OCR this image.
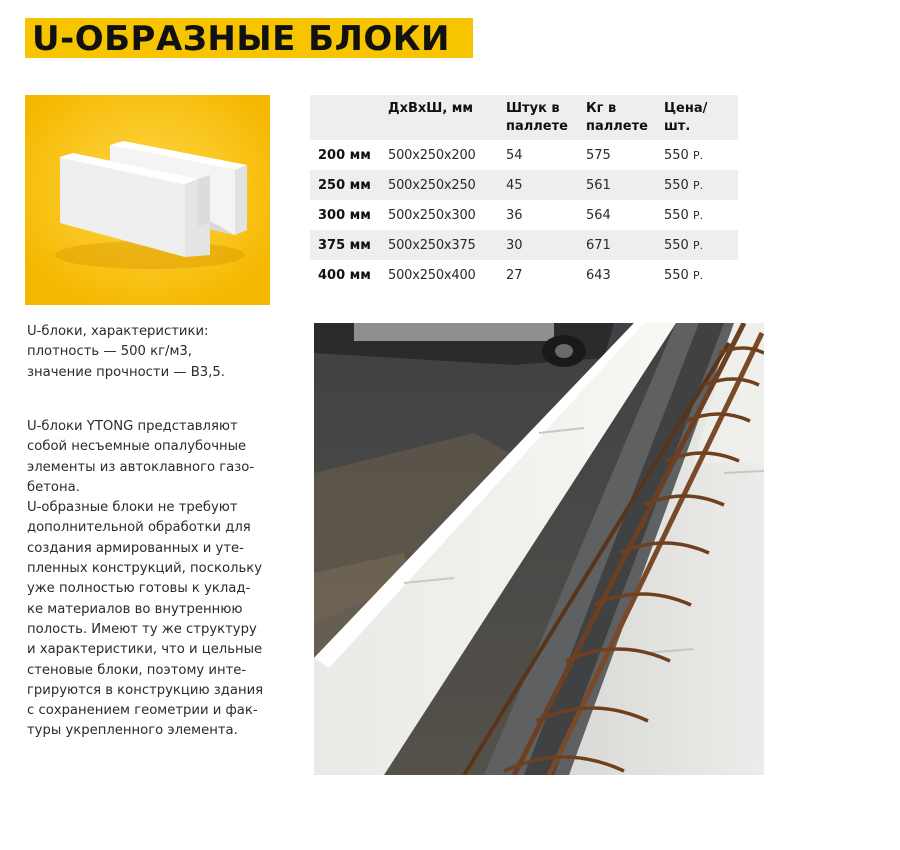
U-ОБРАЗНЫЕ БЛОКИ
	ДхВхШ, мм	Штук в паллете	Кг в паллете	Цена/ шт.
200 мм	500х250х200	54	575	550 Р.
250 мм	500х250х250	45	561	550 Р.
300 мм	500х250х300	36	564	550 Р.
375 мм	500х250х375	30	671	550 Р.
400 мм	500х250х400	27	643	550 Р.
U-блоки, характеристики:
плотность — 500 кг/м3,
значение прочности — B3,5.
U-блоки YTONG представляют
собой несъемные опалубочные
элементы из автоклавного газо-
бетона.
U-образные блоки не требуют
дополнительной обработки для
создания армированных и уте-
пленных конструкций, поскольку
уже полностью готовы к уклад-
ке материалов во внутреннюю
полость. Имеют ту же структуру
и характеристики, что и цельные
стеновые блоки, поэтому инте-
грируются в конструкцию здания
с сохранением геометрии и фак-
туры укрепленного элемента.
